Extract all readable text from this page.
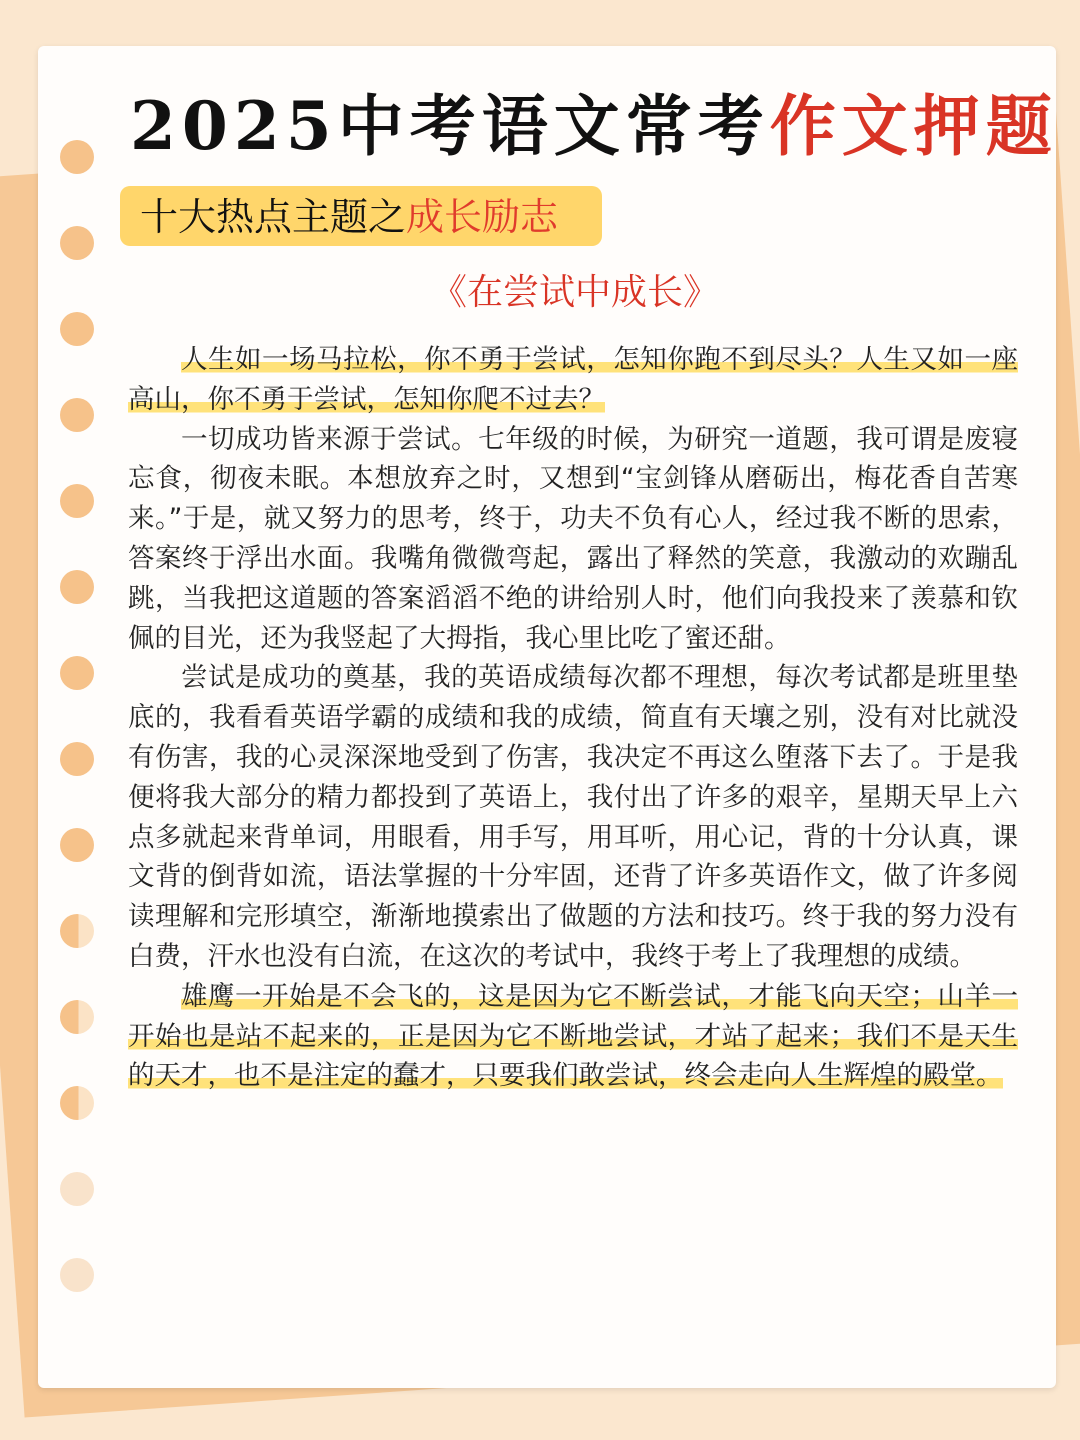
2025中考语文常考作文押题
十大热点主题之成长励志
《在尝试中成长》

人生如一场马拉松，你不勇于尝试，怎知你跑不到尽头？人生又如一座高山，你不勇于尝试，怎知你爬不过去？

一切成功皆来源于尝试。七年级的时候，为研究一道题，我可谓是废寝忘食，彻夜未眠。本想放弃之时，又想到“宝剑锋从磨砺出，梅花香自苦寒来。”于是，就又努力的思考，终于，功夫不负有心人，经过我不断的思索，答案终于浮出水面。我嘴角微微弯起，露出了释然的笑意，我激动的欢蹦乱跳，当我把这道题的答案滔滔不绝的讲给别人时，他们向我投来了羡慕和钦佩的目光，还为我竖起了大拇指，我心里比吃了蜜还甜。

尝试是成功的奠基，我的英语成绩每次都不理想，每次考试都是班里垫底的，我看看英语学霸的成绩和我的成绩，简直有天壤之别，没有对比就没有伤害，我的心灵深深地受到了伤害，我决定不再这么堕落下去了。于是我便将我大部分的精力都投到了英语上，我付出了许多的艰辛，星期天早上六点多就起来背单词，用眼看，用手写，用耳听，用心记，背的十分认真，课文背的倒背如流，语法掌握的十分牢固，还背了许多英语作文，做了许多阅读理解和完形填空，渐渐地摸索出了做题的方法和技巧。终于我的努力没有白费，汗水也没有白流，在这次的考试中，我终于考上了我理想的成绩。

雄鹰一开始是不会飞的，这是因为它不断尝试，才能飞向天空；山羊一开始也是站不起来的，正是因为它不断地尝试，才站了起来；我们不是天生的天才，也不是注定的蠢才，只要我们敢尝试，终会走向人生辉煌的殿堂。
